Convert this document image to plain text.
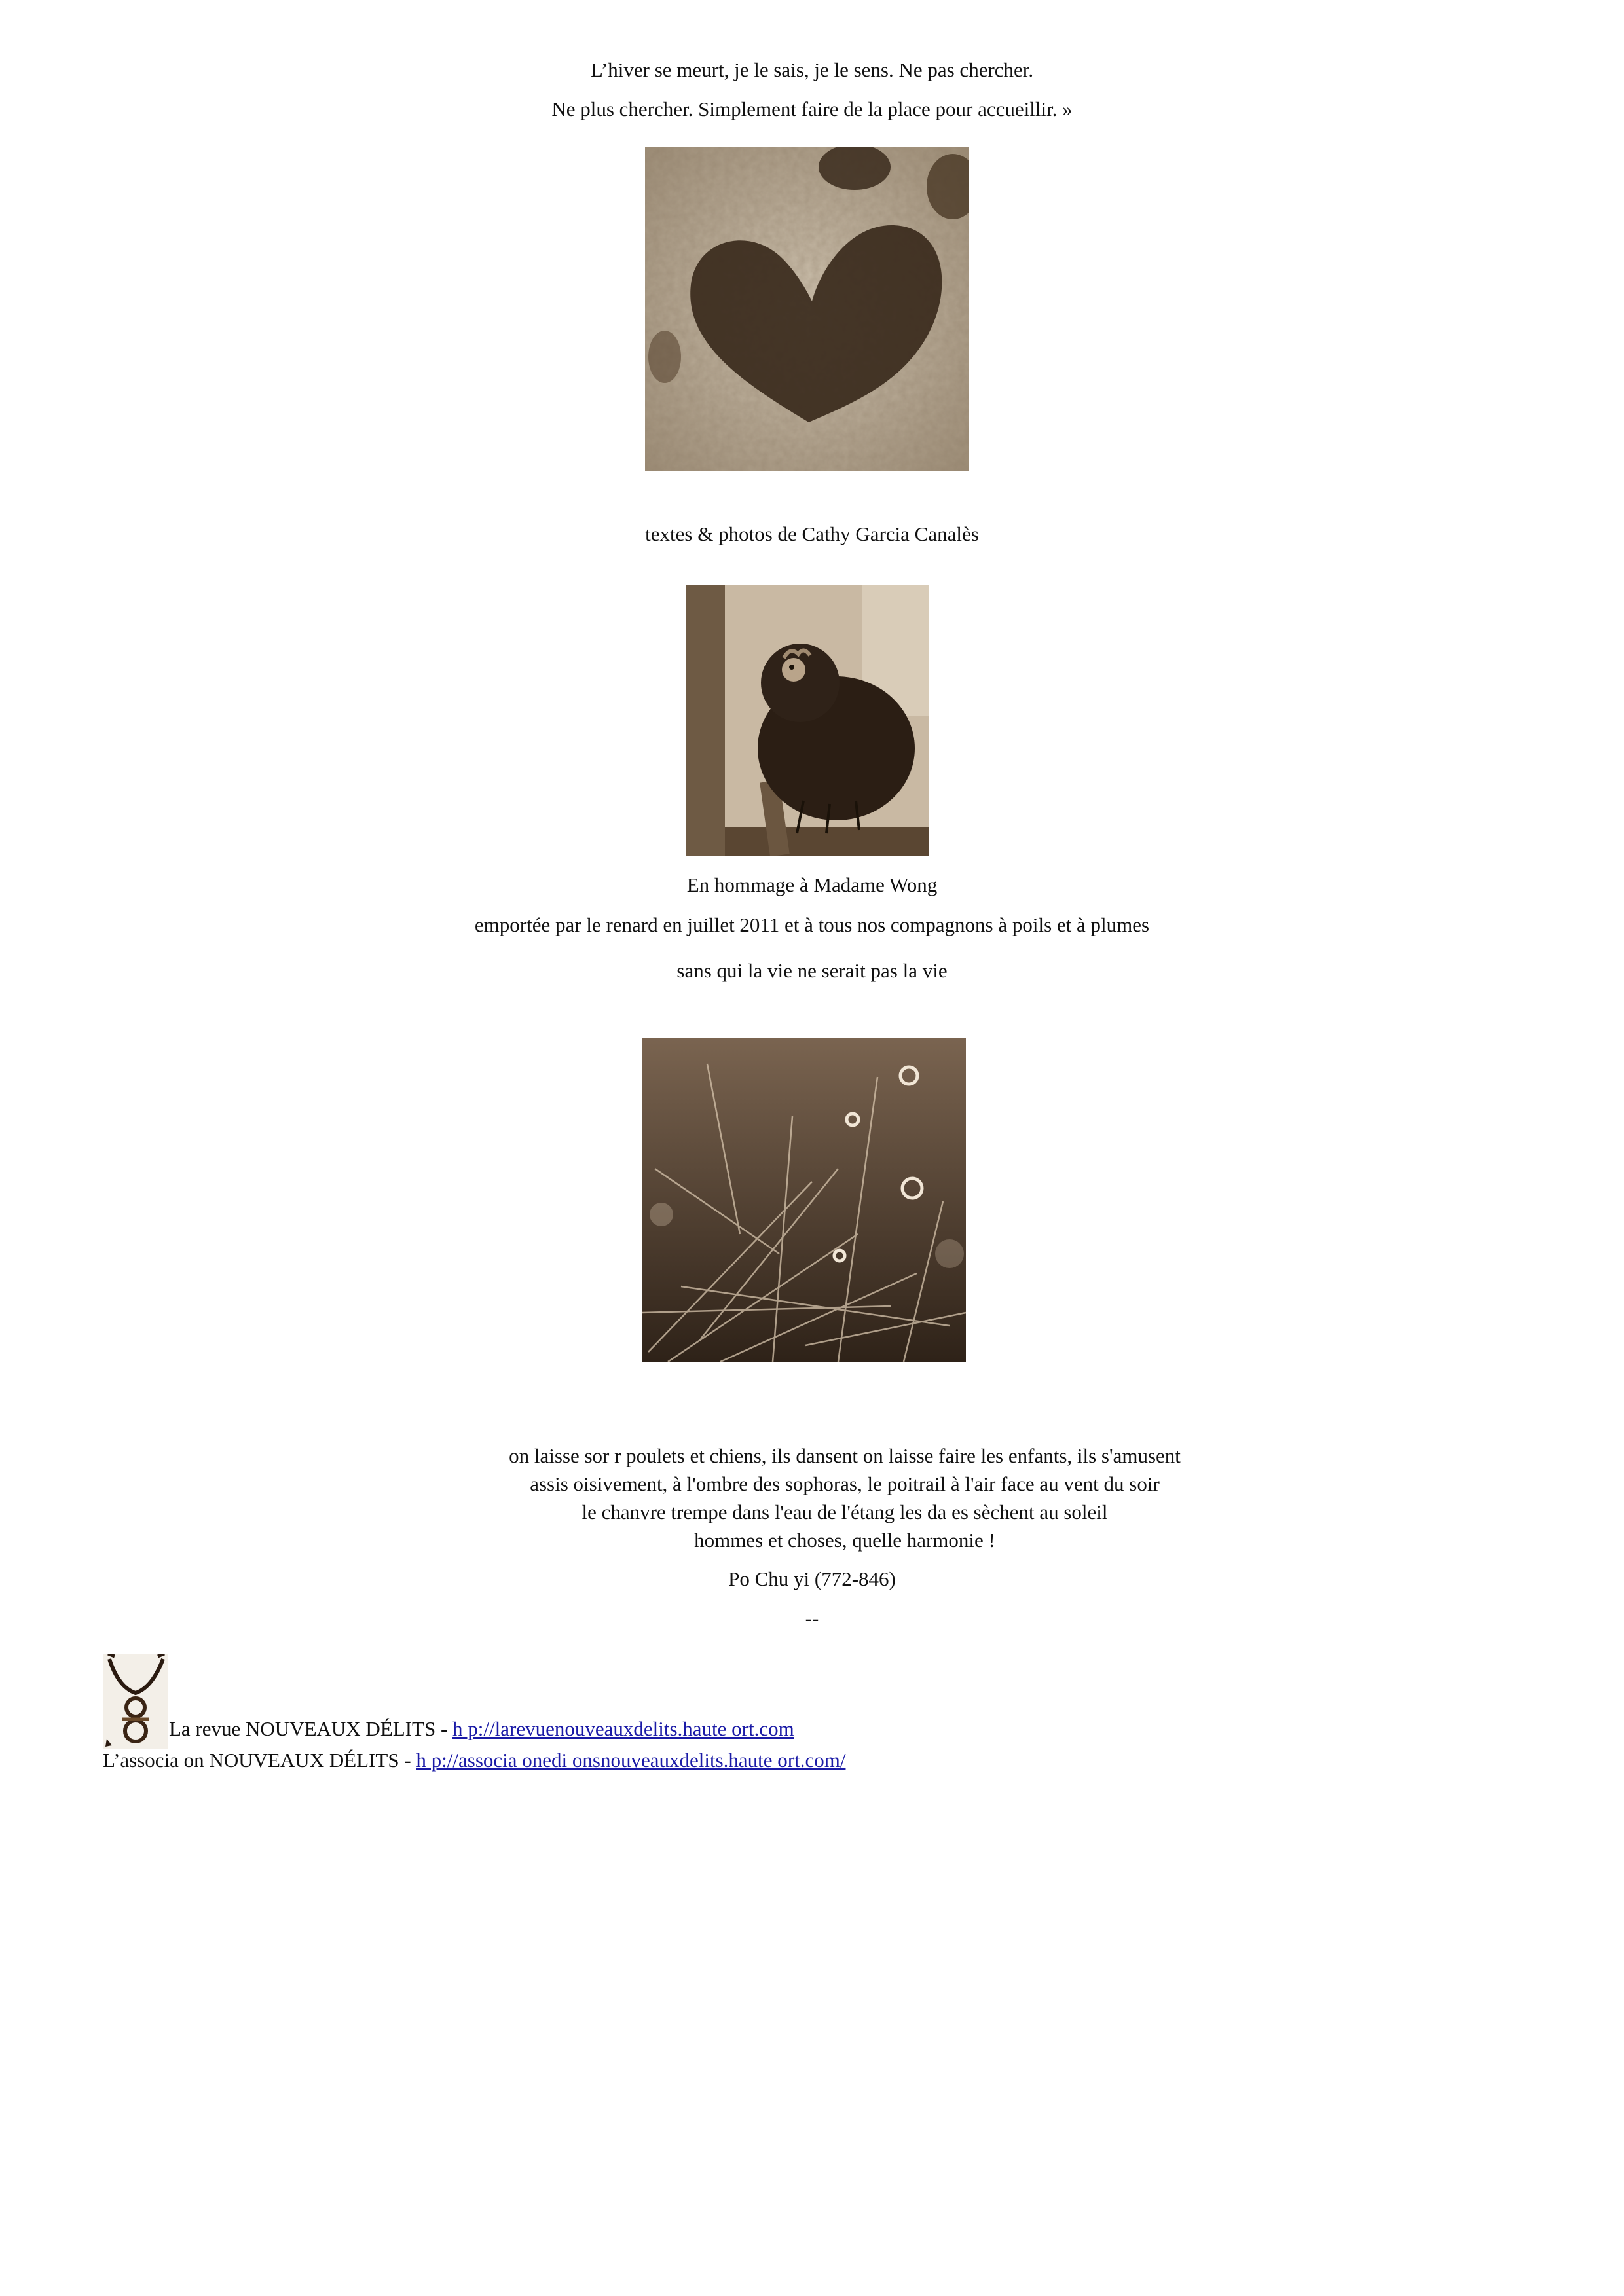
L’hiver se meurt, je le sais, je le sens. Ne pas chercher.

Ne plus chercher. Simplement faire de la place pour accueillir. »

textes & photos de Cathy Garcia Canalès

En hommage à Madame Wong

emportée par le renard en juillet 2011 et à tous nos compagnons à poils et à plumes

sans qui la vie ne serait pas la vie

on laisse sor r poulets et chiens, ils dansent on laisse faire les enfants, ils s'amusent
assis oisivement, à l'ombre des sophoras, le poitrail à l'air face au vent du soir
le chanvre trempe dans l'eau de l'étang les da es sèchent au soleil
hommes et choses, quelle harmonie !

Po Chu yi (772-846)

--

La revue NOUVEAUX DÉLITS - h p://larevuenouveauxdelits.haute ort.com
L’associa on NOUVEAUX DÉLITS - h p://associa onedi onsnouveauxdelits.haute ort.com/
